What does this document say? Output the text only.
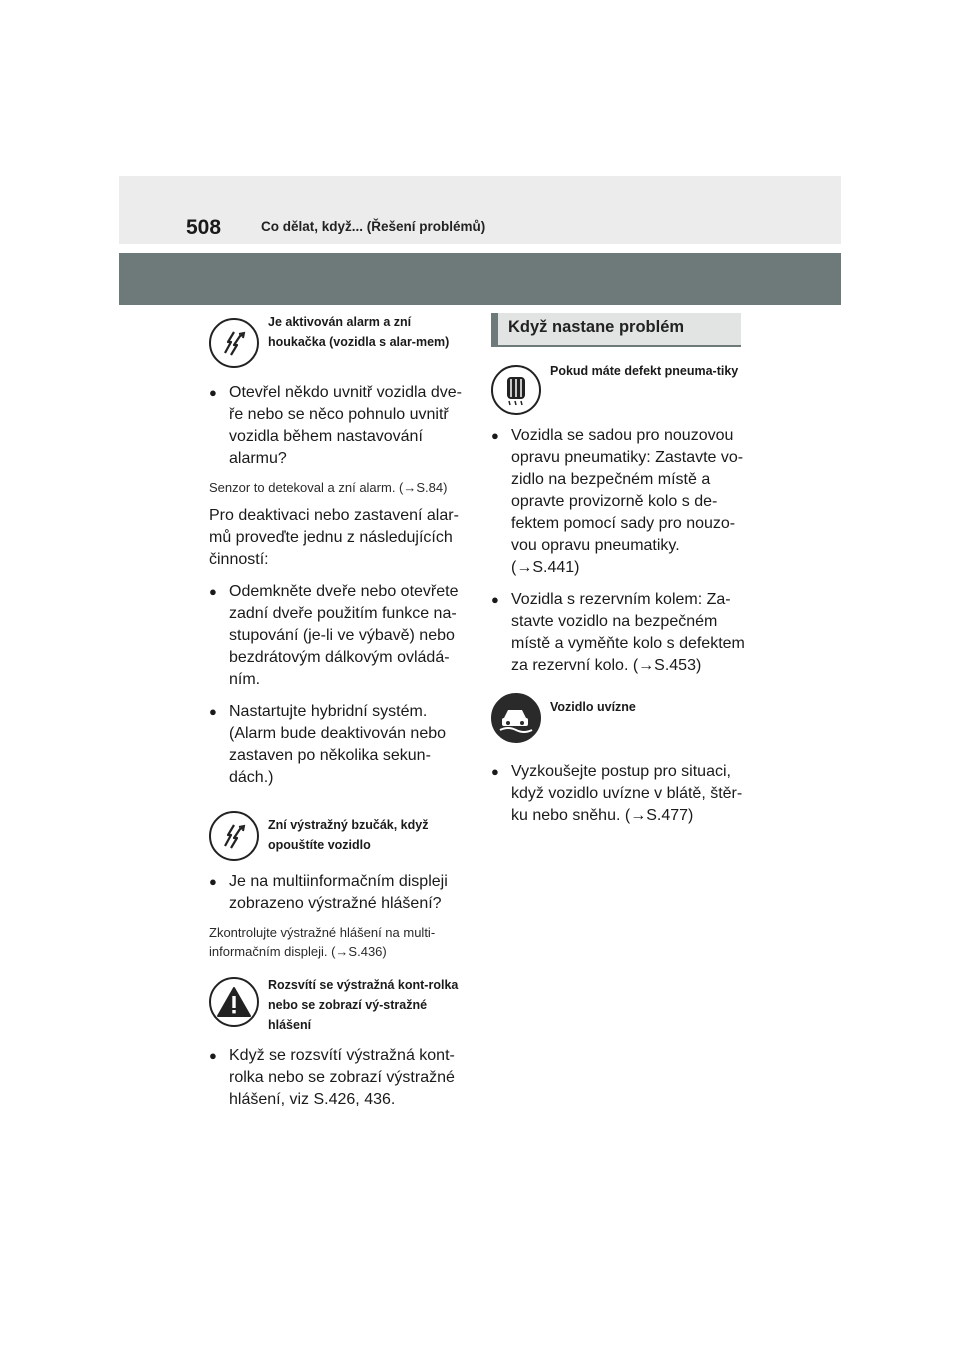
508	Co dělat, když... (Řešení problémů)
Je aktivován alarm a zní houkačka (vozidla s alar-mem)
● Otevřel někdo uvnitř vozidla dve-ře nebo se něco pohnulo uvnitř vozidla během nastavování alarmu?
Senzor to detekoval a zní alarm. (→S.84)
Pro deaktivaci nebo zastavení alar-mů proveďte jednu z následujících činností:
● Odemkněte dveře nebo otevřete zadní dveře použitím funkce na-stupování (je-li ve výbavě) nebo bezdrátovým dálkovým ovládá-ním.
● Nastartujte hybridní systém. (Alarm bude deaktivován nebo zastaven po několika sekun-dách.)
Zní výstražný bzučák, když opouštíte vozidlo
● Je na multiinformačním displeji zobrazeno výstražné hlášení?
Zkontrolujte výstražné hlášení na multi-informačním displeji. (→S.436)
Rozsvítí se výstražná kont-rolka nebo se zobrazí vý-stražné hlášení
● Když se rozsvítí výstražná kont-rolka nebo se zobrazí výstražné hlášení, viz S.426, 436.
Když nastane problém
Pokud máte defekt pneuma-tiky
● Vozidla se sadou pro nouzovou opravu pneumatiky: Zastavte vo-zidlo na bezpečném místě a opravte provizorně kolo s de-fektem pomocí sady pro nouzo-vou opravu pneumatiky. (→S.441)
● Vozidla s rezervním kolem: Za-stavte vozidlo na bezpečném místě a vyměňte kolo s defektem za rezervní kolo. (→S.453)
Vozidlo uvízne
● Vyzkoušejte postup pro situaci, když vozidlo uvízne v blátě, štěr-ku nebo sněhu. (→S.477)
